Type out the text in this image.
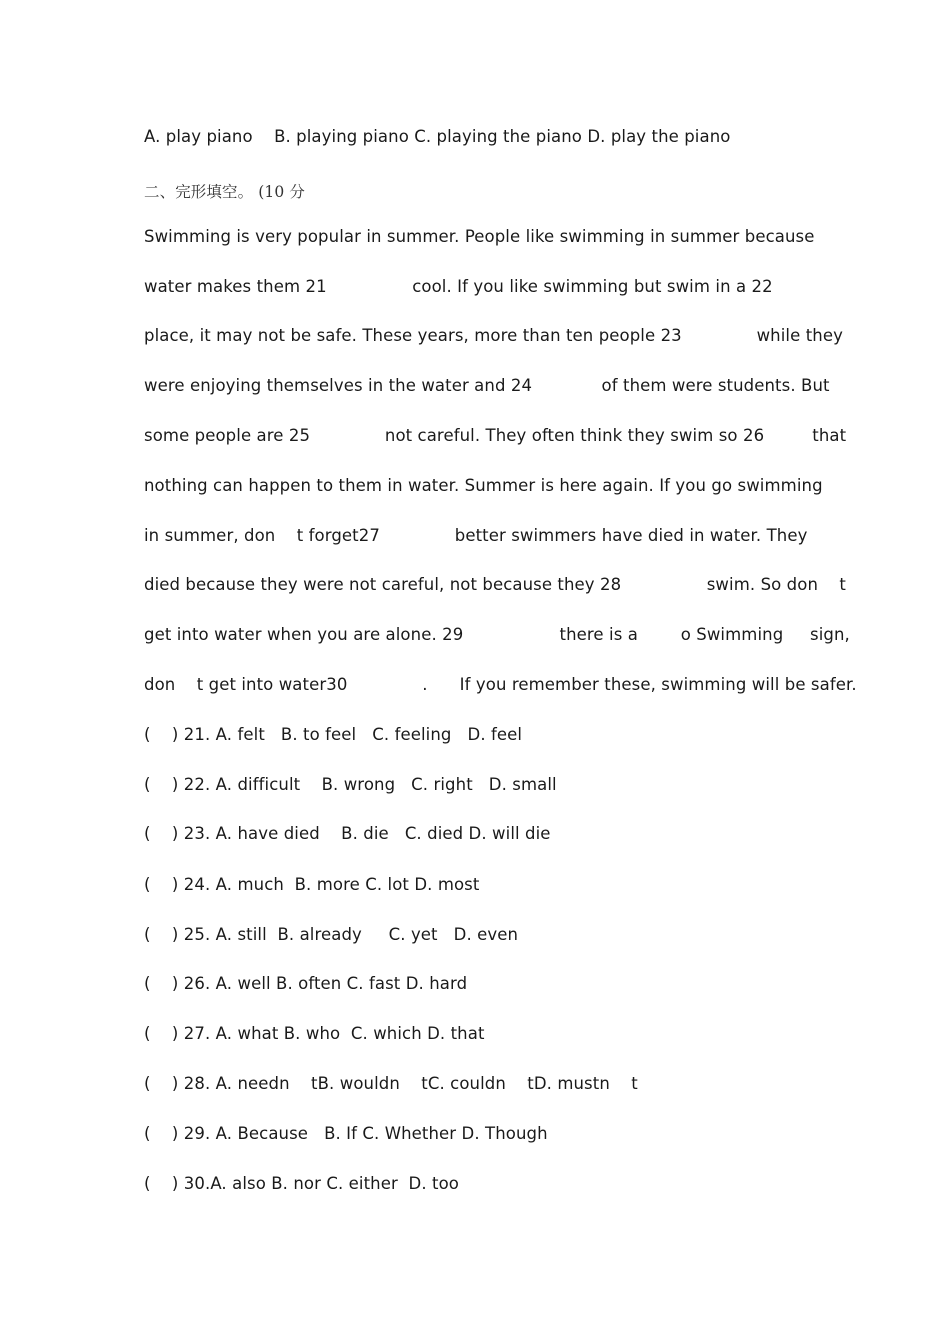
A. play piano    B. playing piano C. playing the piano D. play the piano
二、完形填空。 (10 分
Swimming is very popular in summer. People like swimming in summer because
water makes them 21                cool. If you like swimming but swim in a 22
place, it may not be safe. These years, more than ten people 23              while they
were enjoying themselves in the water and 24             of them were students. But
some people are 25              not careful. They often think they swim so 26         that
nothing can happen to them in water. Summer is here again. If you go swimming
in summer, don    t forget27              better swimmers have died in water. They
died because they were not careful, not because they 28                swim. So don    t
get into water when you are alone. 29                  there is a        o Swimming     sign,
don    t get into water30              .      If you remember these, swimming will be safer.
(    ) 21. A. felt   B. to feel   C. feeling   D. feel
(    ) 22. A. difficult    B. wrong   C. right   D. small
(    ) 23. A. have died    B. die   C. died D. will die
(    ) 24. A. much  B. more C. lot D. most
(    ) 25. A. still  B. already     C. yet   D. even
(    ) 26. A. well B. often C. fast D. hard
(    ) 27. A. what B. who  C. which D. that
(    ) 28. A. needn    tB. wouldn    tC. couldn    tD. mustn    t
(    ) 29. A. Because   B. If C. Whether D. Though
(    ) 30.A. also B. nor C. either  D. too
